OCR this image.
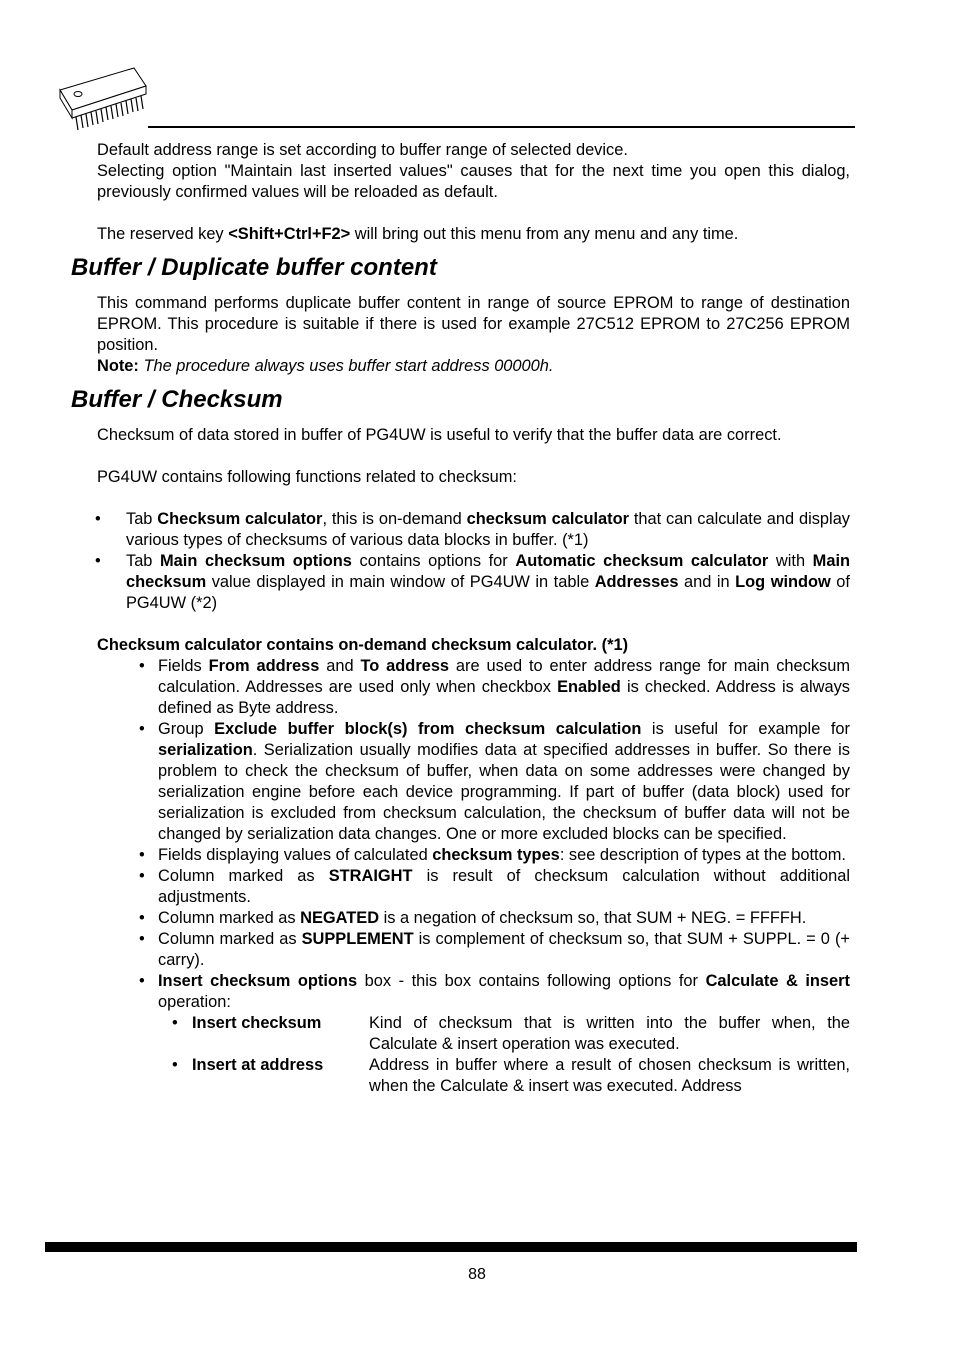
Default address range is set according to buffer range of selected device.

Selecting option "Maintain last inserted values" causes that for the next time you open this dialog, previously confirmed values will be reloaded as default.

The reserved key <Shift+Ctrl+F2> will bring out this menu from any menu and any time.

Buffer / Duplicate buffer content

This command performs duplicate buffer content in range of source EPROM to range of destination EPROM. This procedure is suitable if there is used for example 27C512 EPROM to 27C256 EPROM position.

Note: The procedure always uses buffer start address 00000h.

Buffer / Checksum

Checksum of data stored in buffer of PG4UW is useful to verify that the buffer data are correct.

PG4UW contains following functions related to checksum:

• Tab Checksum calculator, this is on-demand checksum calculator that can calculate and display various types of checksums of various data blocks in buffer. (*1)
• Tab Main checksum options contains options for Automatic checksum calculator with Main checksum value displayed in main window of PG4UW in table Addresses and in Log window of PG4UW (*2)

Checksum calculator contains on-demand checksum calculator. (*1)

• Fields From address and To address are used to enter address range for main checksum calculation. Addresses are used only when checkbox Enabled is checked. Address is always defined as Byte address.
• Group Exclude buffer block(s) from checksum calculation is useful for example for serialization. Serialization usually modifies data at specified addresses in buffer. So there is problem to check the checksum of buffer, when data on some addresses were changed by serialization engine before each device programming. If part of buffer (data block) used for serialization is excluded from checksum calculation, the checksum of buffer data will not be changed by serialization data changes. One or more excluded blocks can be specified.
• Fields displaying values of calculated checksum types: see description of types at the bottom.
• Column marked as STRAIGHT is result of checksum calculation without additional adjustments.
• Column marked as NEGATED is a negation of checksum so, that SUM + NEG. = FFFFH.
• Column marked as SUPPLEMENT is complement of checksum so, that SUM + SUPPL. = 0 (+ carry).
• Insert checksum options box - this box contains following options for Calculate & insert operation:
• Insert checksum	Kind of checksum that is written into the buffer when, the Calculate & insert operation was executed.
• Insert at address	Address in buffer where a result of chosen checksum is written, when the Calculate & insert was executed. Address
88
